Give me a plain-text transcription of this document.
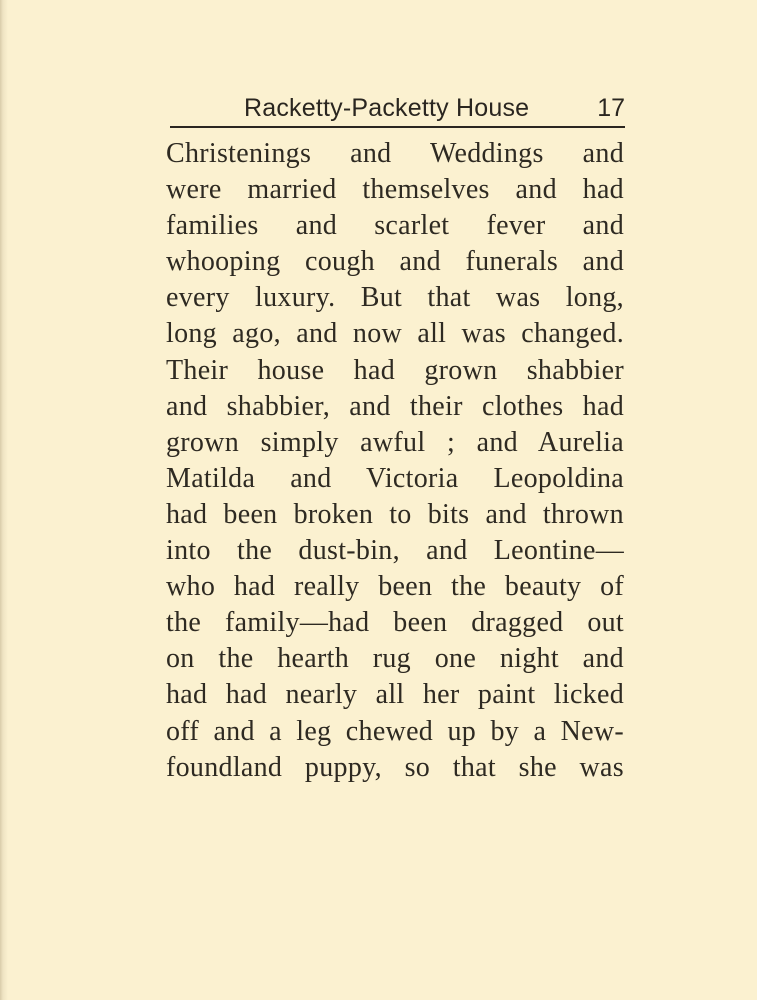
Racketty-Packetty House	17
Christenings and Weddings and
were married themselves and had
families and scarlet fever and
whooping cough and funerals and
every luxury. But that was long,
long ago, and now all was changed.
Their house had grown shabbier
and shabbier, and their clothes had
grown simply awful ; and Aurelia
Matilda and Victoria Leopoldina
had been broken to bits and thrown
into the dust-bin, and Leontine—
who had really been the beauty of
the family—had been dragged out
on the hearth rug one night and
had had nearly all her paint licked
off and a leg chewed up by a New-
foundland puppy, so that she was
